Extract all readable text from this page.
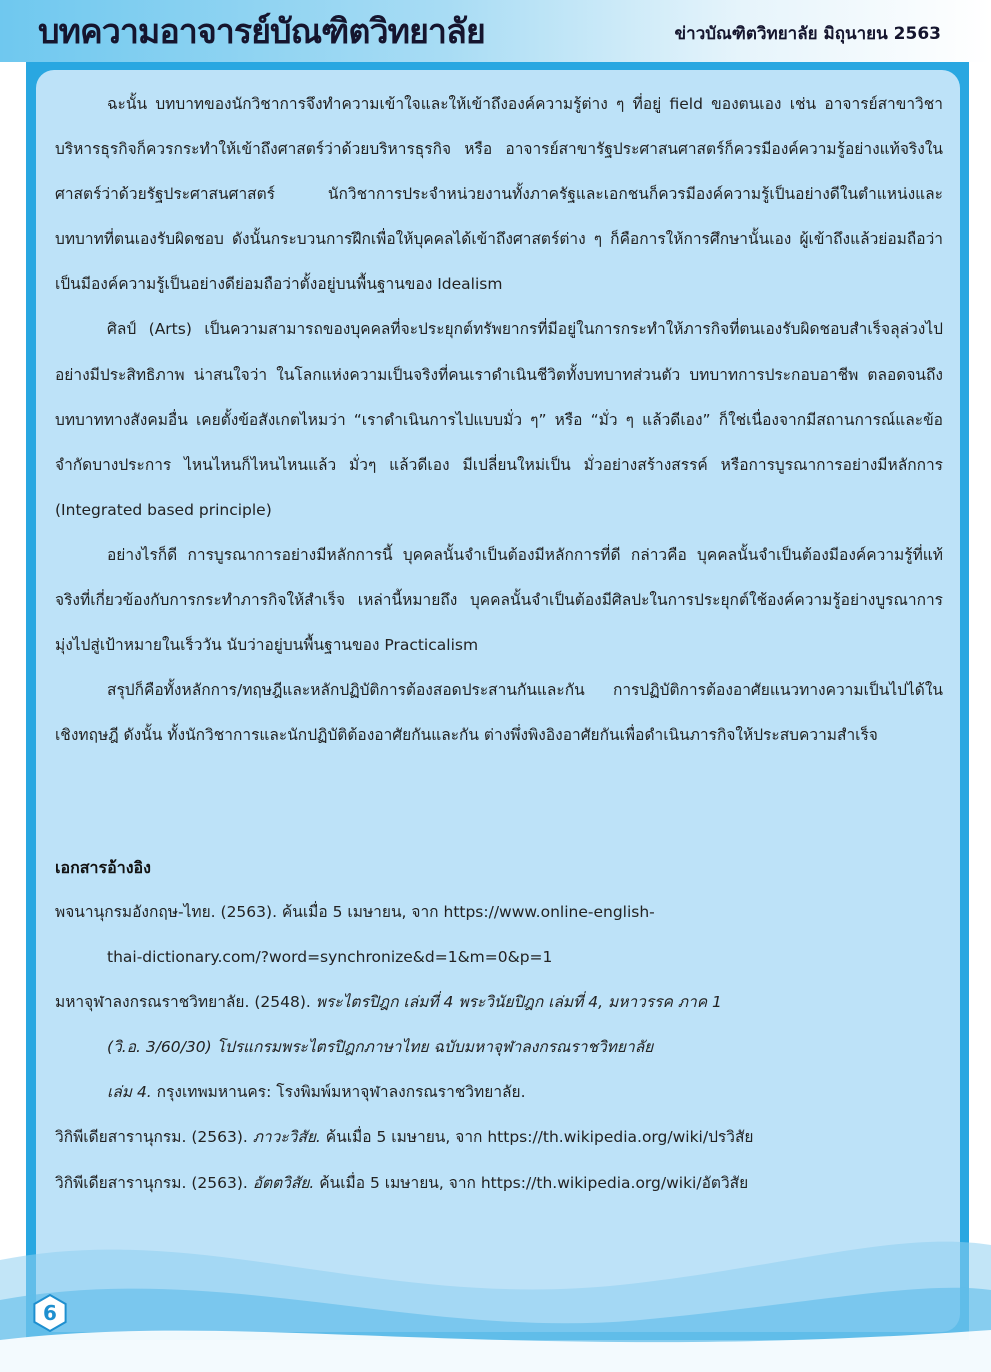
บทความอาจารย์บัณฑิตวิทยาลัย	ข่าวบัณฑิตวิทยาลัย มิถุนายน 2563

ฉะนั้น บทบาทของนักวิชาการจึงทำความเข้าใจและให้เข้าถึงองค์ความรู้ต่าง ๆ ที่อยู่ field ของตนเอง เช่น อาจารย์สาขาวิชาบริหารธุรกิจก็ควรกระทำให้เข้าถึงศาสตร์ว่าด้วยบริหารธุรกิจ หรือ อาจารย์สาขารัฐประศาสนศาสตร์ก็ควรมีองค์ความรู้อย่างแท้จริงในศาสตร์ว่าด้วยรัฐประศาสนศาสตร์ นักวิชาการประจำหน่วยงานทั้งภาครัฐและเอกชนก็ควรมีองค์ความรู้เป็นอย่างดีในตำแหน่งและบทบาทที่ตนเองรับผิดชอบ ดังนั้นกระบวนการฝึกเพื่อให้บุคคลได้เข้าถึงศาสตร์ต่าง ๆ ก็คือการให้การศึกษานั้นเอง ผู้เข้าถึงแล้วย่อมถือว่าเป็นมีองค์ความรู้เป็นอย่างดีย่อมถือว่าตั้งอยู่บนพื้นฐานของ Idealism

ศิลป์ (Arts) เป็นความสามารถของบุคคลที่จะประยุกต์ทรัพยากรที่มีอยู่ในการกระทำให้ภารกิจที่ตนเองรับผิดชอบสำเร็จลุล่วงไปอย่างมีประสิทธิภาพ น่าสนใจว่า ในโลกแห่งความเป็นจริงที่คนเราดำเนินชีวิตทั้งบทบาทส่วนตัว บทบาทการประกอบอาชีพ ตลอดจนถึงบทบาททางสังคมอื่น เคยตั้งข้อสังเกตไหมว่า “เราดำเนินการไปแบบมั่ว ๆ” หรือ “มั่ว ๆ แล้วดีเอง” ก็ใช่เนื่องจากมีสถานการณ์และข้อจำกัดบางประการ ไหนไหนก็ไหนไหนแล้ว มั่วๆ แล้วดีเอง มีเปลี่ยนใหม่เป็น มั่วอย่างสร้างสรรค์ หรือการบูรณาการอย่างมีหลักการ (Integrated based principle)

อย่างไรก็ดี การบูรณาการอย่างมีหลักการนี้ บุคคลนั้นจำเป็นต้องมีหลักการที่ดี กล่าวคือ บุคคลนั้นจำเป็นต้องมีองค์ความรู้ที่แท้จริงที่เกี่ยวข้องกับการกระทำภารกิจให้สำเร็จ เหล่านี้หมายถึง บุคคลนั้นจำเป็นต้องมีศิลปะในการประยุกต์ใช้องค์ความรู้อย่างบูรณาการมุ่งไปสู่เป้าหมายในเร็ววัน นับว่าอยู่บนพื้นฐานของ Practicalism

สรุปก็คือทั้งหลักการ/ทฤษฎีและหลักปฏิบัติการต้องสอดประสานกันและกัน การปฏิบัติการต้องอาศัยแนวทางความเป็นไปได้ในเชิงทฤษฎี ดังนั้น ทั้งนักวิชาการและนักปฏิบัติต้องอาศัยกันและกัน ต่างพึ่งพิงอิงอาศัยกันเพื่อดำเนินภารกิจให้ประสบความสำเร็จ

เอกสารอ้างอิง
พจนานุกรมอังกฤษ-ไทย. (2563). ค้นเมื่อ 5 เมษายน, จาก https://www.online-english-
thai-dictionary.com/?word=synchronize&d=1&m=0&p=1
มหาจุฬาลงกรณราชวิทยาลัย. (2548). พระไตรปิฎก เล่มที่ 4 พระวินัยปิฎก เล่มที่ 4, มหาวรรค ภาค 1
(วิ.อ. 3/60/30) โปรแกรมพระไตรปิฎกภาษาไทย ฉบับมหาจุฬาลงกรณราชวิทยาลัย
เล่ม 4. กรุงเทพมหานคร: โรงพิมพ์มหาจุฬาลงกรณราชวิทยาลัย.
วิกิพีเดียสารานุกรม. (2563). ภาวะวิสัย. ค้นเมื่อ 5 เมษายน, จาก https://th.wikipedia.org/wiki/ปรวิสัย
วิกิพีเดียสารานุกรม. (2563). อัตตวิสัย. ค้นเมื่อ 5 เมษายน, จาก https://th.wikipedia.org/wiki/อัตวิสัย
6
